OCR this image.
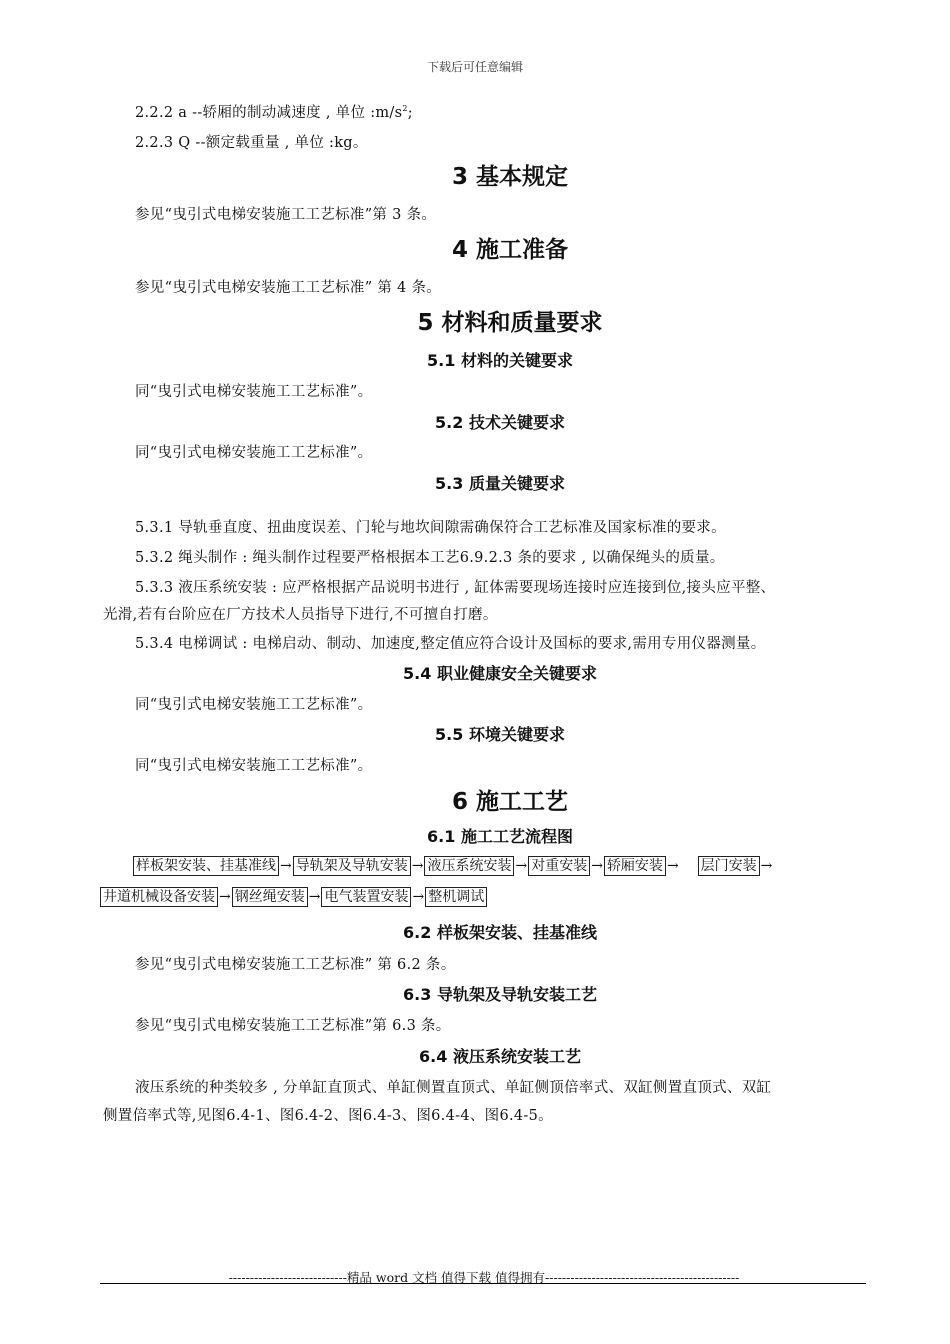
下载后可任意编辑
2.2.2 a --轿厢的制动减速度 , 单位 $:m/s^2$;
2.2.3 Q --额定载重量 , 单位 :kg。
3 基本规定
参见“曳引式电梯安装施工工艺标准”第 3 条。
4 施工准备
参见“曳引式电梯安装施工工艺标准” 第 4 条。
5 材料和质量要求
5.1 材料的关键要求
同“曳引式电梯安装施工工艺标准”。
5.2 技术关键要求
同“曳引式电梯安装施工工艺标准”。
5.3 质量关键要求
5.3.1 导轨垂直度、扭曲度误差、门轮与地坎间隙需确保符合工艺标准及国家标准的要求。
5.3.2 绳头制作 : 绳头制作过程要严格根据本工艺6.9.2.3 条的要求 , 以确保绳头的质量。
5.3.3 液压系统安装 : 应严格根据产品说明书进行 , 缸体需要现场连接时应连接到位,接头应平整、
光滑,若有台阶应在厂方技术人员指导下进行,不可擅自打磨。
5.3.4 电梯调试 : 电梯启动、制动、加速度,整定值应符合设计及国标的要求,需用专用仪器测量。
5.4 职业健康安全关键要求
同“曳引式电梯安装施工工艺标准”。
5.5 环境关键要求
同“曳引式电梯安装施工工艺标准”。
6 施工工艺
6.1 施工工艺流程图
样板架安装、挂基准线 → 导轨架及导轨安装 → 液压系统安装 → 对重安装 → 轿厢安装 → 层门安装 →
井道机械设备安装 → 钢丝绳安装 → 电气装置安装 → 整机调试
6.2 样板架安装、挂基准线
参见“曳引式电梯安装施工工艺标准” 第 6.2 条。
6.3 导轨架及导轨安装工艺
参见“曳引式电梯安装施工工艺标准”第 6.3 条。
6.4 液压系统安装工艺
液压系统的种类较多 , 分单缸直顶式、单缸侧置直顶式、单缸侧顶倍率式、双缸侧置直顶式、双缸
侧置倍率式等,见图6.4-1、图6.4-2、图6.4-3、图6.4-4、图6.4-5。
----------------------------精品 word 文档 值得下载 值得拥有----------------------------------------------
